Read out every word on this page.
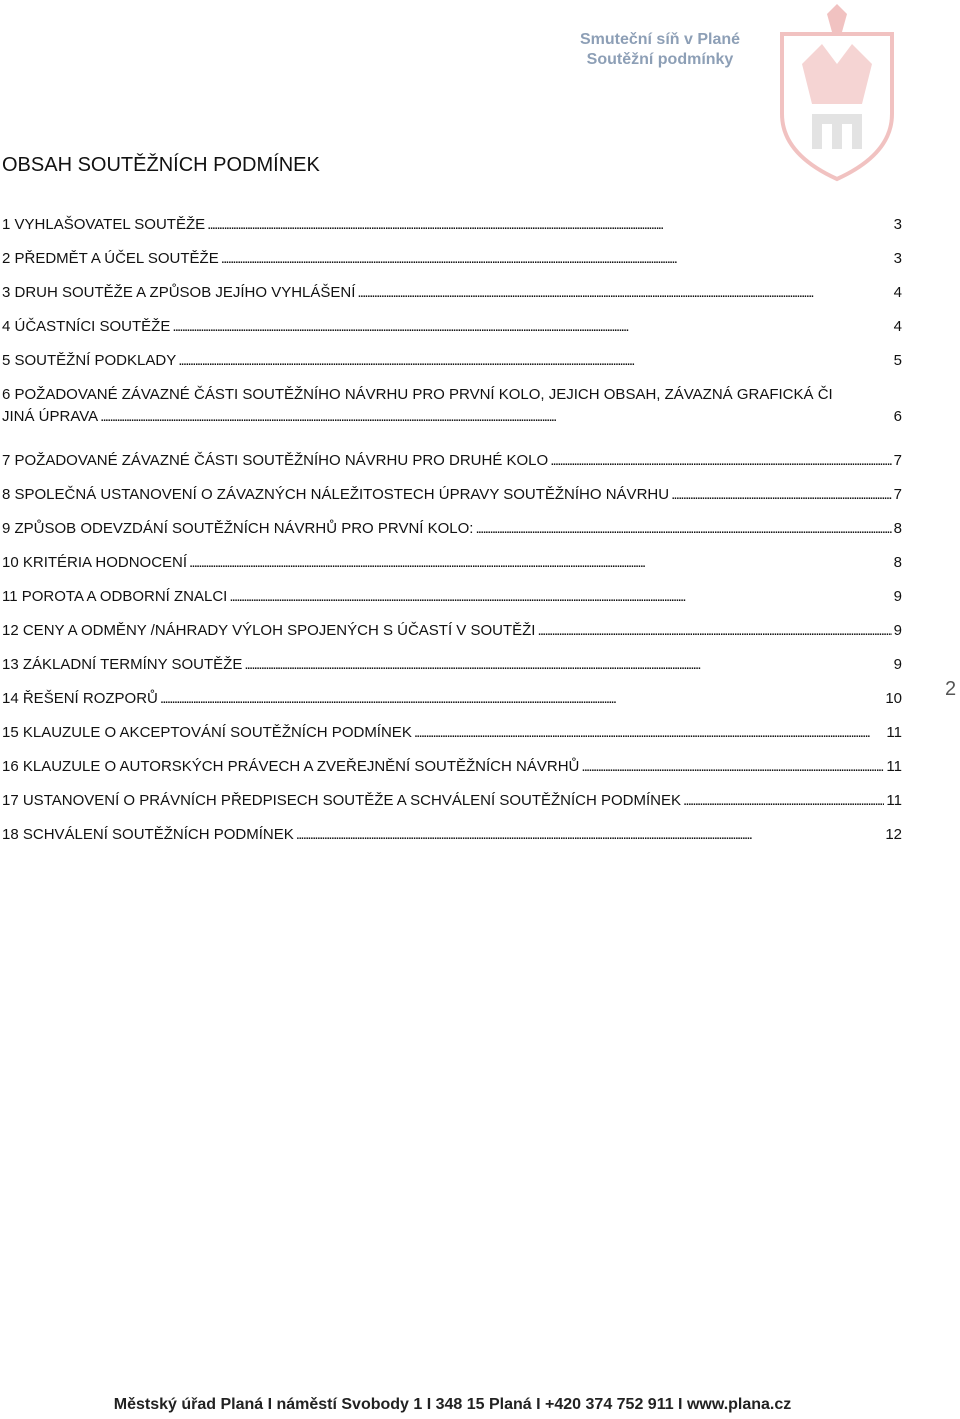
Smuteční síň v Plané
Soutěžní podmínky
OBSAH SOUTĚŽNÍCH PODMÍNEK
1 VYHLAŠOVATEL SOUTĚŽE . . .	3
2 PŘEDMĚT A ÚČEL SOUTĚŽE . . .	3
3 DRUH SOUTĚŽE A ZPŮSOB JEJÍHO VYHLÁŠENÍ . . .	4
4 ÚČASTNÍCI SOUTĚŽE . . .	4
5 SOUTĚŽNÍ PODKLADY . . .	5
6 POŽADOVANÉ ZÁVAZNÉ ČÁSTI SOUTĚŽNÍHO NÁVRHU PRO PRVNÍ KOLO, JEJICH OBSAH, ZÁVAZNÁ GRAFICKÁ ČI
JINÁ ÚPRAVA . . .	6
7 POŽADOVANÉ ZÁVAZNÉ ČÁSTI SOUTĚŽNÍHO NÁVRHU PRO DRUHÉ KOLO . . .	7
8 SPOLEČNÁ USTANOVENÍ O ZÁVAZNÝCH NÁLEŽITOSTECH ÚPRAVY SOUTĚŽNÍHO NÁVRHU . . .	7
9 ZPŮSOB ODEVZDÁNÍ SOUTĚŽNÍCH NÁVRHŮ PRO PRVNÍ KOLO: . . .	8
10 KRITÉRIA HODNOCENÍ . . .	8
11 POROTA A ODBORNÍ ZNALCI . . .	9
12 CENY A ODMĚNY /NÁHRADY VÝLOH SPOJENÝCH S ÚČASTÍ V SOUTĚŽI . . .	9
13 ZÁKLADNÍ TERMÍNY SOUTĚŽE . . .	9
14 ŘEŠENÍ ROZPORŮ . . .	10
15 KLAUZULE O AKCEPTOVÁNÍ SOUTĚŽNÍCH PODMÍNEK . . .	11
16 KLAUZULE O AUTORSKÝCH PRÁVECH A ZVEŘEJNĚNÍ SOUTĚŽNÍCH NÁVRHŮ . . .	11
17 USTANOVENÍ O PRÁVNÍCH PŘEDPISECH SOUTĚŽE A SCHVÁLENÍ SOUTĚŽNÍCH PODMÍNEK . . .	11
18 SCHVÁLENÍ SOUTĚŽNÍCH PODMÍNEK . . .	12
2
Městský úřad Planá I náměstí Svobody 1 I 348 15 Planá I +420 374 752 911 I www.plana.cz
